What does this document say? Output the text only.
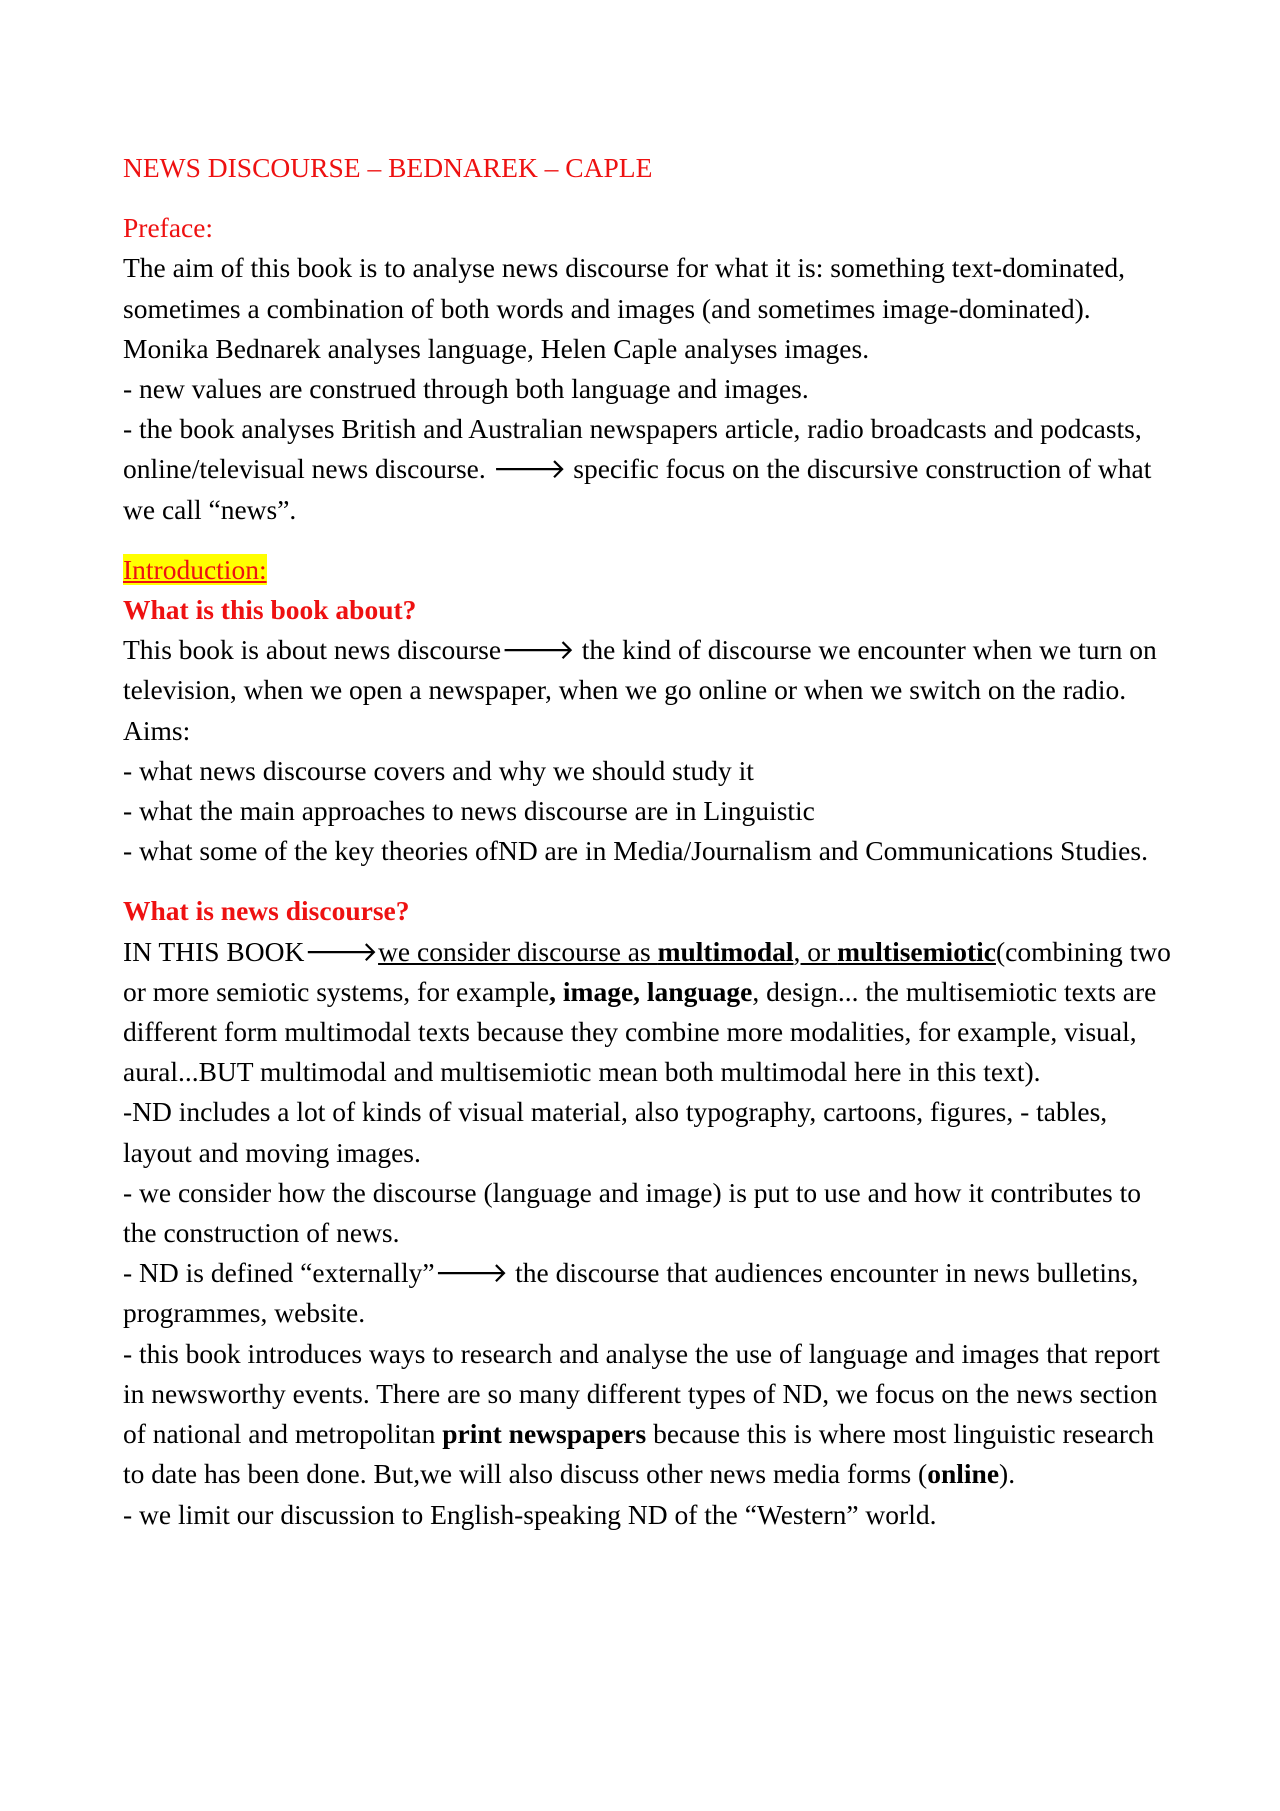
NEWS DISCOURSE – BEDNAREK – CAPLE

Preface:

The aim of this book is to analyse news discourse for what it is: something text-dominated, sometimes a combination of both words and images (and sometimes image-dominated). Monika Bednarek analyses language, Helen Caple analyses images.

- new values are construed through both language and images.

- the book analyses British and Australian newspapers article, radio broadcasts and podcasts, online/televisual news discourse. 🡒 specific focus on the discursive construction of what we call “news”.

Introduction:

What is this book about?

This book is about news discourse🡒 the kind of discourse we encounter when we turn on television, when we open a newspaper, when we go online or when we switch on the radio. Aims:

- what news discourse covers and why we should study it

- what the main approaches to news discourse are in Linguistic

- what some of the key theories ofND are in Media/Journalism and Communications Studies.

What is news discourse?

IN THIS BOOK🡒we consider discourse as multimodal, or multisemiotic(combining two or more semiotic systems, for example, image, language, design... the multisemiotic texts are different form multimodal texts because they combine more modalities, for example, visual, aural...BUT multimodal and multisemiotic mean both multimodal here in this text).

-ND includes a lot of kinds of visual material, also typography, cartoons, figures, - tables, layout and moving images.

- we consider how the discourse (language and image) is put to use and how it contributes to the construction of news.

- ND is defined “externally”🡒 the discourse that audiences encounter in news bulletins, programmes, website.

- this book introduces ways to research and analyse the use of language and images that report in newsworthy events. There are so many different types of ND, we focus on the news section of national and metropolitan print newspapers because this is where most linguistic research to date has been done. But,we will also discuss other news media forms (online).

- we limit our discussion to English-speaking ND of the “Western” world.
